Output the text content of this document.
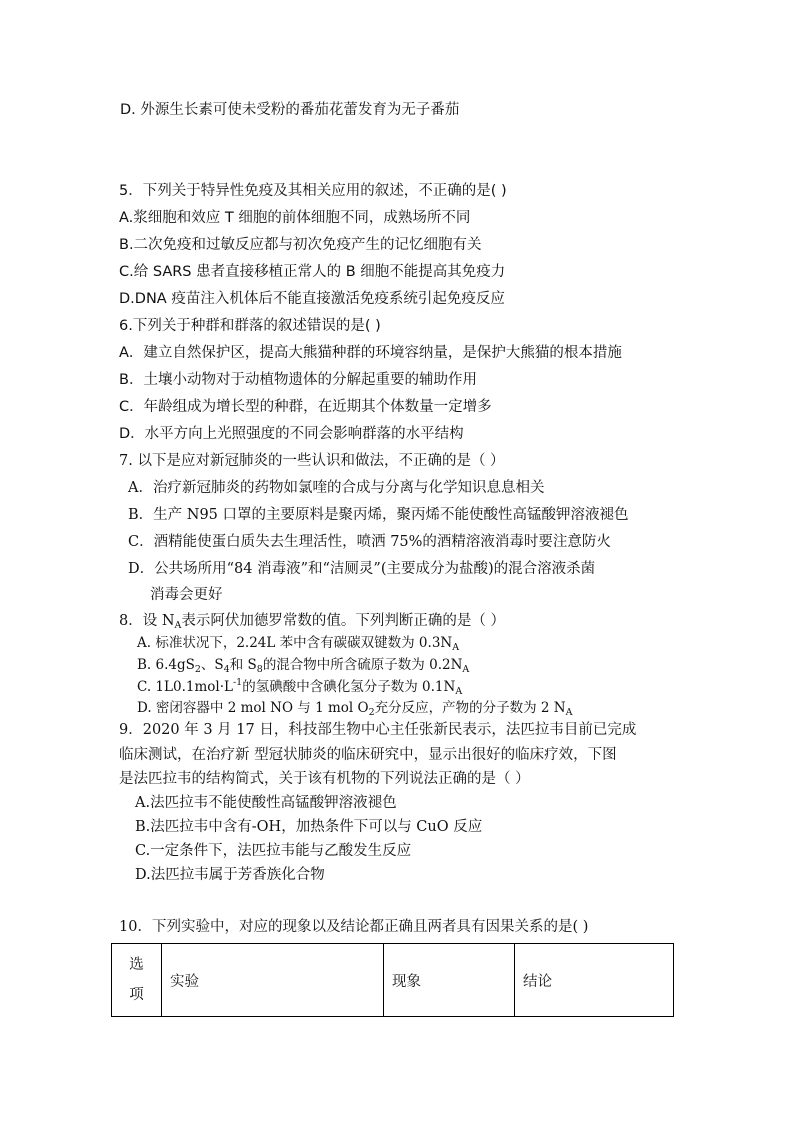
D. 外源生长素可使未受粉的番茄花蕾发育为无子番茄
5．下列关于特异性免疫及其相关应用的叙述，不正确的是( )
A.浆细胞和效应 T 细胞的前体细胞不同，成熟场所不同
B.二次免疫和过敏反应都与初次免疫产生的记忆细胞有关
C.给 SARS 患者直接移植正常人的 B 细胞不能提高其免疫力
D.DNA 疫苗注入机体后不能直接激活免疫系统引起免疫反应
6.下列关于种群和群落的叙述错误的是( )
A．建立自然保护区，提高大熊猫种群的环境容纳量，是保护大熊猫的根本措施
B．土壤小动物对于动植物遗体的分解起重要的辅助作用
C．年龄组成为增长型的种群，在近期其个体数量一定增多
D．水平方向上光照强度的不同会影响群落的水平结构
7. 以下是应对新冠肺炎的一些认识和做法，不正确的是（ ）
A．治疗新冠肺炎的药物如氯喹的合成与分离与化学知识息息相关
B．生产 N95 口罩的主要原料是聚丙烯，聚丙烯不能使酸性高锰酸钾溶液褪色
C．酒精能使蛋白质失去生理活性，喷洒 75%的酒精溶液消毒时要注意防火
D．公共场所用“84 消毒液”和“洁厕灵”(主要成分为盐酸)的混合溶液杀菌
消毒会更好
8．设 $N_A$表示阿伏加德罗常数的值。下列判断正确的是（ ）
A. 标准状况下，2.24L 苯中含有碳碳双键数为 $0.3N_A$
B. $6.4gS_2$、$S_4$和 $S_8$的混合物中所含硫原子数为 $0.2N_A$
C. $1L0.1mol\cdot L^{-1}$的氢碘酸中含碘化氢分子数为 $0.1N_A$
D. 密闭容器中 2 mol NO 与 1 mol $O_2$充分反应，产物的分子数为 2 $N_A$
9．2020 年 3 月 17 日，科技部生物中心主任张新民表示，法匹拉韦目前已完成
临床测试，在治疗新 型冠状肺炎的临床研究中，显示出很好的临床疗效，下图
是法匹拉韦的结构简式，关于该有机物的下列说法正确的是（ ）
A.法匹拉韦不能使酸性高锰酸钾溶液褪色
B.法匹拉韦中含有-OH，加热条件下可以与 CuO 反应
C.一定条件下，法匹拉韦能与乙酸发生反应
D.法匹拉韦属于芳香族化合物
10．下列实验中，对应的现象以及结论都正确且两者具有因果关系的是( )
选
项
	实验	现象	结论
